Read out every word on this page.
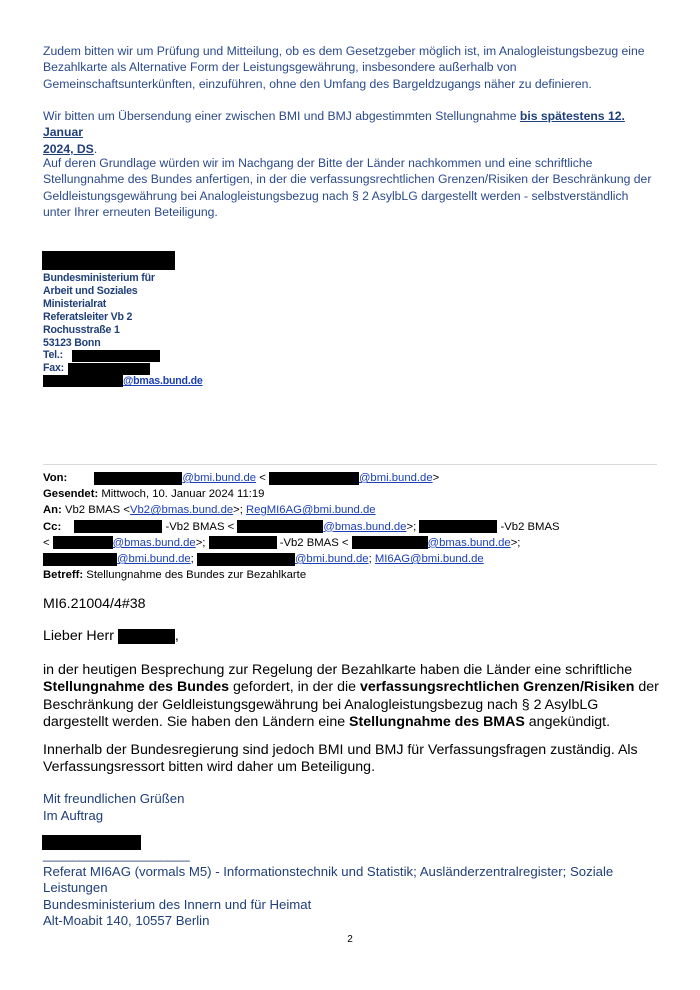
Zudem bitten wir um Prüfung und Mitteilung, ob es dem Gesetzgeber möglich ist, im Analogleistungsbezug eine Bezahlkarte als Alternative Form der Leistungsgewährung, insbesondere außerhalb von Gemeinschaftsunterkünften, einzuführen, ohne den Umfang des Bargeldzugangs näher zu definieren.
Wir bitten um Übersendung einer zwischen BMI und BMJ abgestimmten Stellungnahme bis spätestens 12. Januar
2024, DS.
Auf deren Grundlage würden wir im Nachgang der Bitte der Länder nachkommen und eine schriftliche Stellungnahme des Bundes anfertigen, in der die verfassungsrechtlichen Grenzen/Risiken der Beschränkung der Geldleistungsgewährung bei Analogleistungsbezug nach § 2 AsylbLG dargestellt werden - selbstverständlich unter Ihrer erneuten Beteiligung.
Bundesministerium für
Arbeit und Soziales
Ministerialrat
Referatsleiter Vb 2
Rochusstraße 1
53123 Bonn
Tel.:
Fax:
@bmas.bund.de
Von:	@bmi.bund.de <	@bmi.bund.de>
Gesendet: Mittwoch, 10. Januar 2024 11:19
An: Vb2 BMAS <Vb2@bmas.bund.de>; RegMI6AG@bmi.bund.de
Cc:	-Vb2 BMAS <	@bmas.bund.de>;	-Vb2 BMAS
<	@bmas.bund.de>;	-Vb2 BMAS <	@bmas.bund.de>;
@bmi.bund.de;	@bmi.bund.de; MI6AG@bmi.bund.de
Betreff: Stellungnahme des Bundes zur Bezahlkarte
MI6.21004/4#38
Lieber Herr	,
in der heutigen Besprechung zur Regelung der Bezahlkarte haben die Länder eine schriftliche Stellungnahme des Bundes gefordert, in der die verfassungsrechtlichen Grenzen/Risiken der Beschränkung der Geldleistungsgewährung bei Analogleistungsbezug nach § 2 AsylbLG dargestellt werden. Sie haben den Ländern eine Stellungnahme des BMAS angekündigt.
Innerhalb der Bundesregierung sind jedoch BMI und BMJ für Verfassungsfragen zuständig. Als Verfassungsressort bitten wird daher um Beteiligung.
Mit freundlichen Grüßen
Im Auftrag
____________________
Referat MI6AG (vormals M5) - Informationstechnik und Statistik; Ausländerzentralregister; Soziale Leistungen
Bundesministerium des Innern und für Heimat
Alt-Moabit 140, 10557 Berlin
2
